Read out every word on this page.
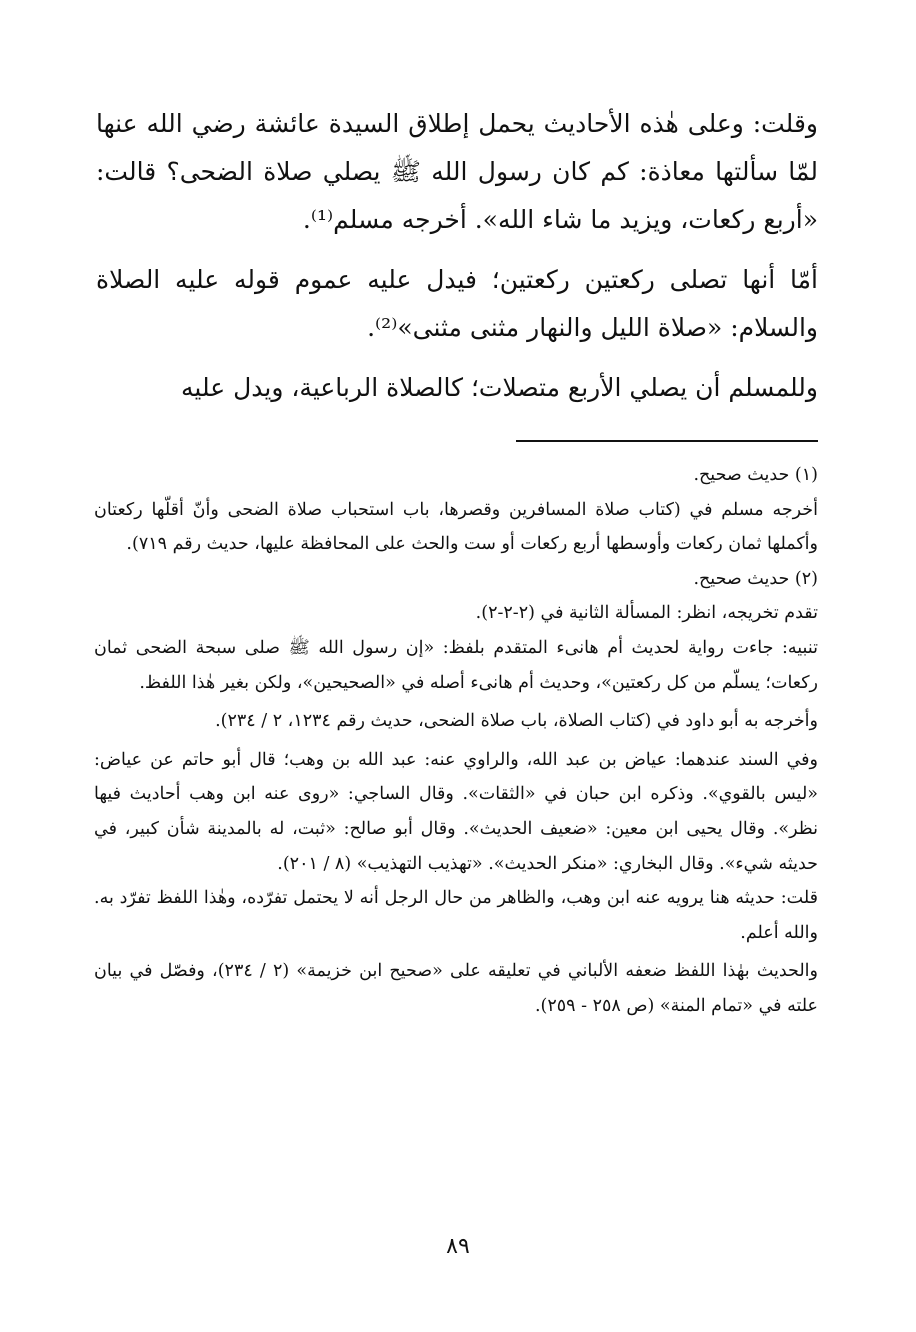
وقلت: وعلى هٰذه الأحاديث يحمل إطلاق السيدة عائشة رضي الله عنها لمّا سألتها معاذة: كم كان رسول الله ﷺ يصلي صلاة الضحى؟ قالت: «أربع ركعات، ويزيد ما شاء الله». أخرجه مسلم⁽¹⁾.

أمّا أنها تصلى ركعتين ركعتين؛ فيدل عليه عموم قوله عليه الصلاة والسلام: «صلاة الليل والنهار مثنى مثنى»⁽²⁾.

وللمسلم أن يصلي الأربع متصلات؛ كالصلاة الرباعية، ويدل عليه

(١) حديث صحيح.

أخرجه مسلم في (كتاب صلاة المسافرين وقصرها، باب استحباب صلاة الضحى وأنّ أقلّها ركعتان وأكملها ثمان ركعات وأوسطها أربع ركعات أو ست والحث على المحافظة عليها، حديث رقم ٧١٩).

(٢) حديث صحيح.

تقدم تخريجه، انظر: المسألة الثانية في (٢-٢-٢).

تنبيه: جاءت رواية لحديث أم هانىء المتقدم بلفظ: «إن رسول الله ﷺ صلى سبحة الضحى ثمان ركعات؛ يسلّم من كل ركعتين»، وحديث أم هانىء أصله في «الصحيحين»، ولكن بغير هٰذا اللفظ.

وأخرجه به أبو داود في (كتاب الصلاة، باب صلاة الضحى، حديث رقم ١٢٣٤، ٢ / ٢٣٤).

وفي السند عندهما: عياض بن عبد الله، والراوي عنه: عبد الله بن وهب؛ قال أبو حاتم عن عياض: «ليس بالقوي». وذكره ابن حبان في «الثقات». وقال الساجي: «روى عنه ابن وهب أحاديث فيها نظر». وقال يحيى ابن معين: «ضعيف الحديث». وقال أبو صالح: «ثبت، له بالمدينة شأن كبير، في حديثه شيء». وقال البخاري: «منكر الحديث». «تهذيب التهذيب» (٨ / ٢٠١).

قلت: حديثه هنا يرويه عنه ابن وهب، والظاهر من حال الرجل أنه لا يحتمل تفرّده، وهٰذا اللفظ تفرّد به. والله أعلم.

والحديث بهٰذا اللفظ ضعفه الألباني في تعليقه على «صحيح ابن خزيمة» (٢ / ٢٣٤)، وفصّل في بيان علته في «تمام المنة» (ص ٢٥٨ - ٢٥٩).

٨٩
